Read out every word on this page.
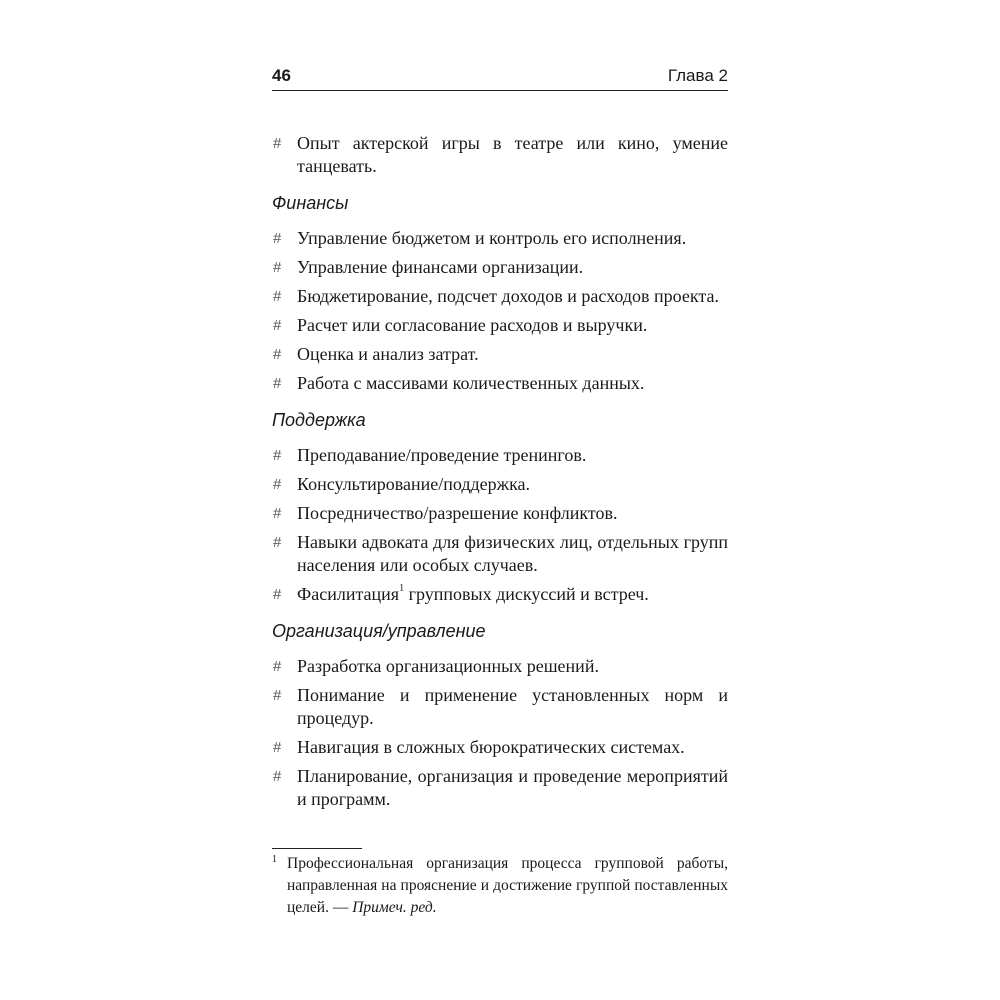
46	Глава 2
# Опыт актерской игры в театре или кино, умение танцевать.
Финансы
# Управление бюджетом и контроль его исполнения.
# Управление финансами организации.
# Бюджетирование, подсчет доходов и расходов проекта.
# Расчет или согласование расходов и выручки.
# Оценка и анализ затрат.
# Работа с массивами количественных данных.
Поддержка
# Преподавание/проведение тренингов.
# Консультирование/поддержка.
# Посредничество/разрешение конфликтов.
# Навыки адвоката для физических лиц, отдельных групп населения или особых случаев.
# Фасилитация$^1$ групповых дискуссий и встреч.
Организация/управление
# Разработка организационных решений.
# Понимание и применение установленных норм и процедур.
# Навигация в сложных бюрократических системах.
# Планирование, организация и проведение мероприятий и программ.
1 Профессиональная организация процесса групповой работы, направленная на прояснение и достижение группой поставленных целей. — Примеч. ред.
